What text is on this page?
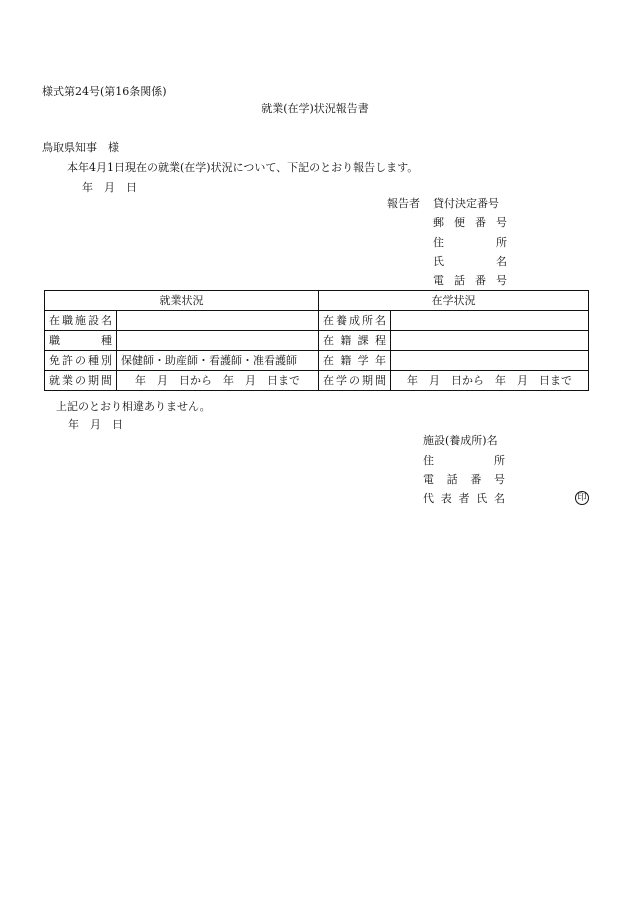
様式第24号(第16条関係)
就業(在学)状況報告書
鳥取県知事　様
本年4月1日現在の就業(在学)状況について、下記のとおり報告します。
年　月　日
報告者 貸付決定番号
郵便番号
住所
氏名
電話番号
就業状況		在学状況	
在職施設名		在養成所名	
職種		在籍課程	
免許の種別	保健師・助産師・看護師・准看護師	在籍学年	
就業の期間	年　月　日から　年　月　日まで	在学の期間	年　月　日から　年　月　日まで
上記のとおり相違ありません。
年　月　日
施設(養成所)名
住所
電話番号
代表者氏名	印
